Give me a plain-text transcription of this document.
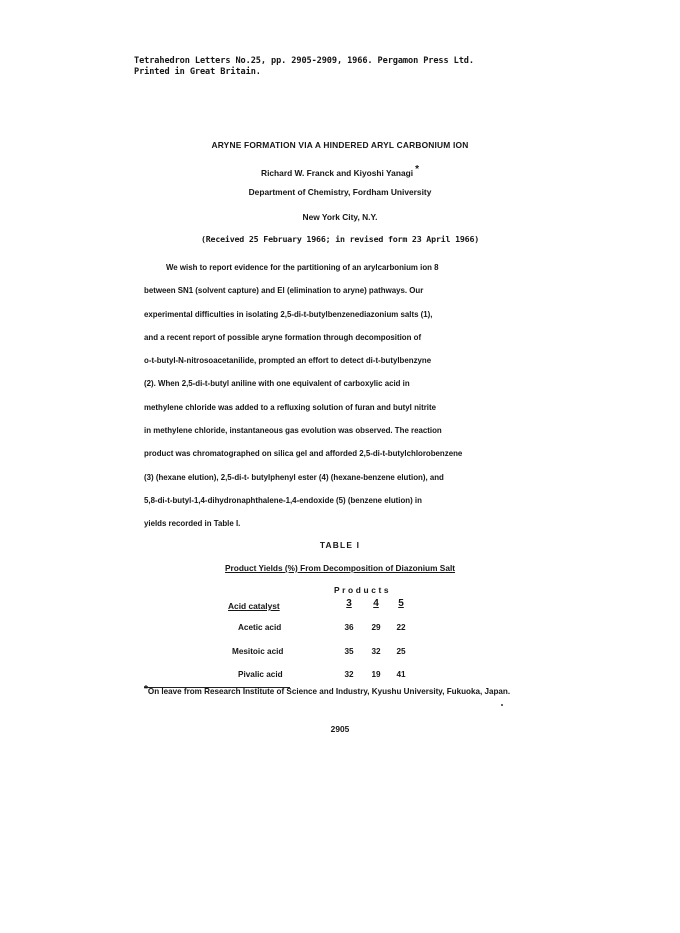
Tetrahedron Letters No.25, pp. 2905-2909, 1966. Pergamon Press Ltd.
Printed in Great Britain.
ARYNE FORMATION VIA A HINDERED ARYL CARBONIUM ION
Richard W. Franck and Kiyoshi Yanagi *
Department of Chemistry, Fordham University
New York City, N.Y.
(Received 25 February 1966; in revised form 23 April 1966)
We wish to report evidence for the partitioning of an arylcarbonium ion 8
between SN1 (solvent capture) and El (elimination to aryne) pathways. Our
experimental difficulties in isolating 2,5-di-t-butylbenzenediazonium salts (1),
and a recent report of possible aryne formation through decomposition of
o-t-butyl-N-nitrosoacetanilide, prompted an effort to detect di-t-butylbenzyne
(2). When 2,5-di-t-butyl aniline with one equivalent of carboxylic acid in
methylene chloride was added to a refluxing solution of furan and butyl nitrite
in methylene chloride, instantaneous gas evolution was observed. The reaction
product was chromatographed on silica gel and afforded 2,5-di-t-butylchlorobenzene
(3) (hexane elution), 2,5-di-t- butylphenyl ester (4) (hexane-benzene elution), and
5,8-di-t-butyl-1,4-dihydronaphthalene-1,4-endoxide (5) (benzene elution) in
yields recorded in Table I.
TABLE I
Product Yields (%) From Decomposition of Diazonium Salt
Products
Acid catalyst	3	4	5
Acetic acid	36	29	22
Mesitoic acid	35	32	25
Pivalic acid	32	19	41
*On leave from Research Institute of Science and Industry, Kyushu University, Fukuoka, Japan.
2905
